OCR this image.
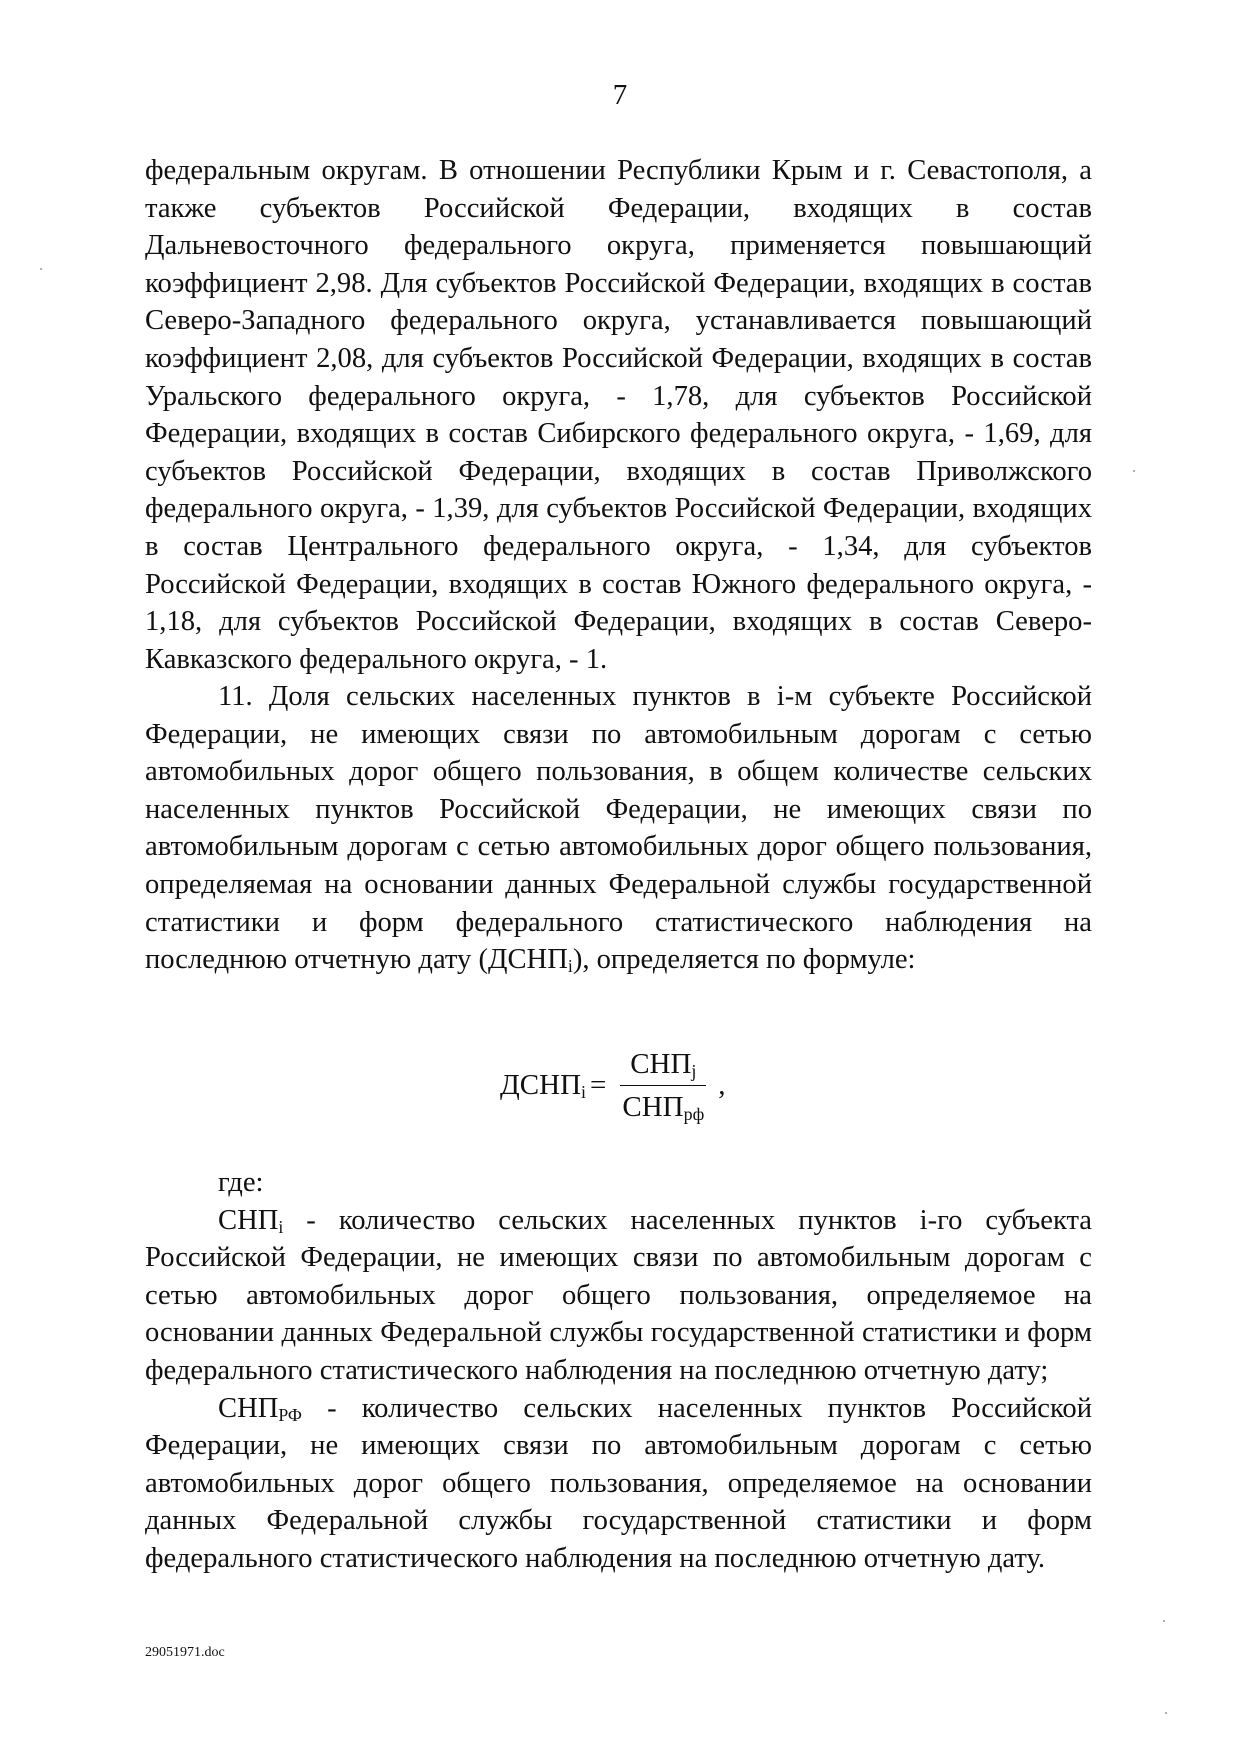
7

федеральным округам. В отношении Республики Крым и г. Севастополя, а также субъектов Российской Федерации, входящих в состав Дальневосточного федерального округа, применяется повышающий коэффициент 2,98. Для субъектов Российской Федерации, входящих в состав Северо-Западного федерального округа, устанавливается повышающий коэффициент 2,08, для субъектов Российской Федерации, входящих в состав Уральского федерального округа, - 1,78, для субъектов Российской Федерации, входящих в состав Сибирского федерального округа, - 1,69, для субъектов Российской Федерации, входящих в состав Приволжского федерального округа, - 1,39, для субъектов Российской Федерации, входящих в состав Центрального федерального округа, - 1,34, для субъектов Российской Федерации, входящих в состав Южного федерального округа, - 1,18, для субъектов Российской Федерации, входящих в состав Северо-Кавказского федерального округа, - 1.

11. Доля сельских населенных пунктов в i-м субъекте Российской Федерации, не имеющих связи по автомобильным дорогам с сетью автомобильных дорог общего пользования, в общем количестве сельских населенных пунктов Российской Федерации, не имеющих связи по автомобильным дорогам с сетью автомобильных дорог общего пользования, определяемая на основании данных Федеральной службы государственной статистики и форм федерального статистического наблюдения на последнюю отчетную дату $(ДСНП_i)$, определяется по формуле:

$ДСНП_i = \frac{СНП_j}{СНП_{рф}}$ ,

где:

$СНП_i$ - количество сельских населенных пунктов i-го субъекта Российской Федерации, не имеющих связи по автомобильным дорогам с сетью автомобильных дорог общего пользования, определяемое на основании данных Федеральной службы государственной статистики и форм федерального статистического наблюдения на последнюю отчетную дату;

$СНП_{РФ}$ - количество сельских населенных пунктов Российской Федерации, не имеющих связи по автомобильным дорогам с сетью автомобильных дорог общего пользования, определяемое на основании данных Федеральной службы государственной статистики и форм федерального статистического наблюдения на последнюю отчетную дату.

29051971.doc
